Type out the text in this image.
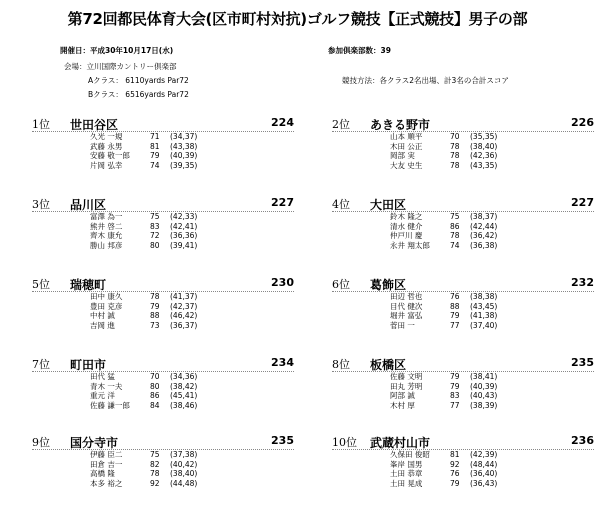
第72回都民体育大会(区市町村対抗)ゴルフ競技【正式競技】男子の部
開催日：平成30年10月17日(水)	参加倶楽部数：39
会場：立川国際カントリー倶楽部
Aクラス： 6110yards Par72	競技方法：各クラス2名出場、計3名の合計スコア
Bクラス： 6516yards Par72
1位 世田谷区	224
久光 一規	71	(34,37)
武藤 永男	81	(43,38)
安藤 敬一郎	79	(40,39)
片岡 弘幸	74	(39,35)
2位 あきる野市	226
山本 順平	70	(35,35)
木田 公正	78	(38,40)
岡部 実	78	(42,36)
大友 史生	78	(43,35)
3位 品川区	227
富澤 為一	75	(42,33)
熊井 啓二	83	(42,41)
齊木 康允	72	(36,36)
勝山 邦彦	80	(39,41)
4位 大田区	227
鈴木 隆之	75	(38,37)
清水 健介	86	(42,44)
仲戸川 慶	78	(36,42)
永井 翔太郎	74	(36,38)
5位 瑞穂町	230
田中 康久	78	(41,37)
豊田 克彦	79	(42,37)
中村 誠	88	(46,42)
吉岡 進	73	(36,37)
6位 葛飾区	232
田辺 哲也	76	(38,38)
目代 健次	88	(43,45)
堀井 富弘	79	(41,38)
菅田 一	77	(37,40)
7位 町田市	234
田代 猛	70	(34,36)
青木 一夫	80	(38,42)
重元 洋	86	(45,41)
佐藤 謙一郎	84	(38,46)
8位 板橋区	235
佐藤 文明	79	(38,41)
田丸 芳明	79	(40,39)
阿部 誠	83	(40,43)
木村 厚	77	(38,39)
9位 国分寺市	235
伊藤 臣二	75	(37,38)
田倉 吉一	82	(40,42)
高橋 隆	78	(38,40)
本多 裕之	92	(44,48)
10位 武蔵村山市	236
久保田 俊昭	81	(42,39)
峯岸 国男	92	(48,44)
土田 恭章	76	(36,40)
土田 晃成	79	(36,43)
